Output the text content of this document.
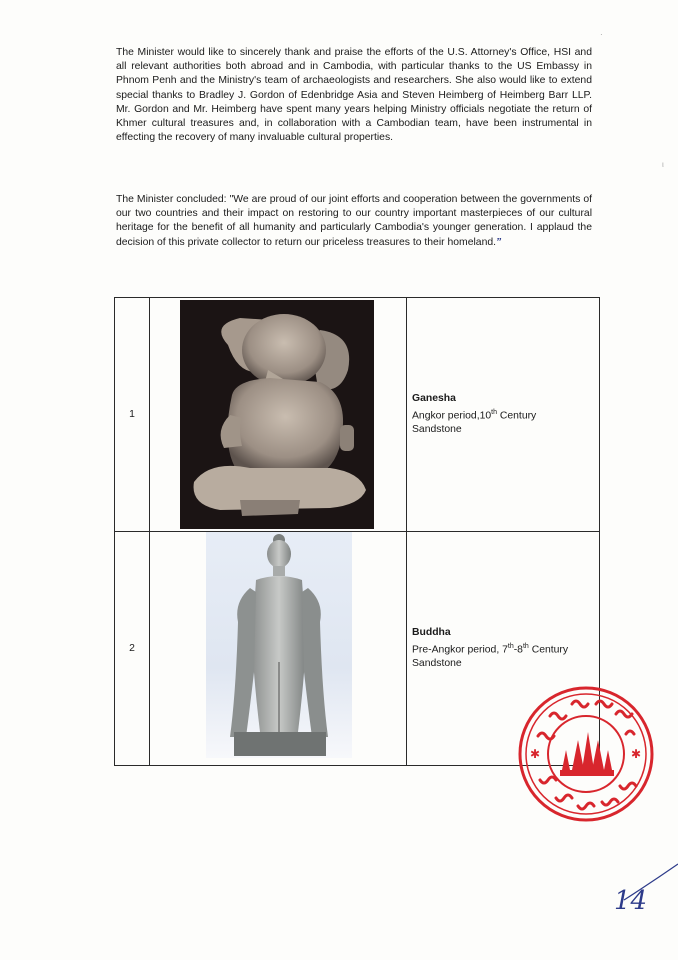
·
ι

The Minister would like to sincerely thank and praise the efforts of the U.S. Attorney's Office, HSI and all relevant authorities both abroad and in Cambodia, with particular thanks to the US Embassy in Phnom Penh and the Ministry's team of archaeologists and researchers. She also would like to extend special thanks to Bradley J. Gordon of Edenbridge Asia and Steven Heimberg of Heimberg Barr LLP. Mr. Gordon and Mr. Heimberg have spent many years helping Ministry officials negotiate the return of Khmer cultural treasures and, in collaboration with a Cambodian team, have been instrumental in effecting the recovery of many invaluable cultural properties.

The Minister concluded: "We are proud of our joint efforts and cooperation between the governments of our two countries and their impact on restoring to our country important masterpieces of our cultural heritage for the benefit of all humanity and particularly Cambodia's younger generation. I applaud the decision of this private collector to return our priceless treasures to their homeland.”

1		Ganesha
Angkor period,10th Century
Sandstone

2		Buddha
Pre-Angkor period, 7th-8th Century
Sandstone
✱	✱
14
